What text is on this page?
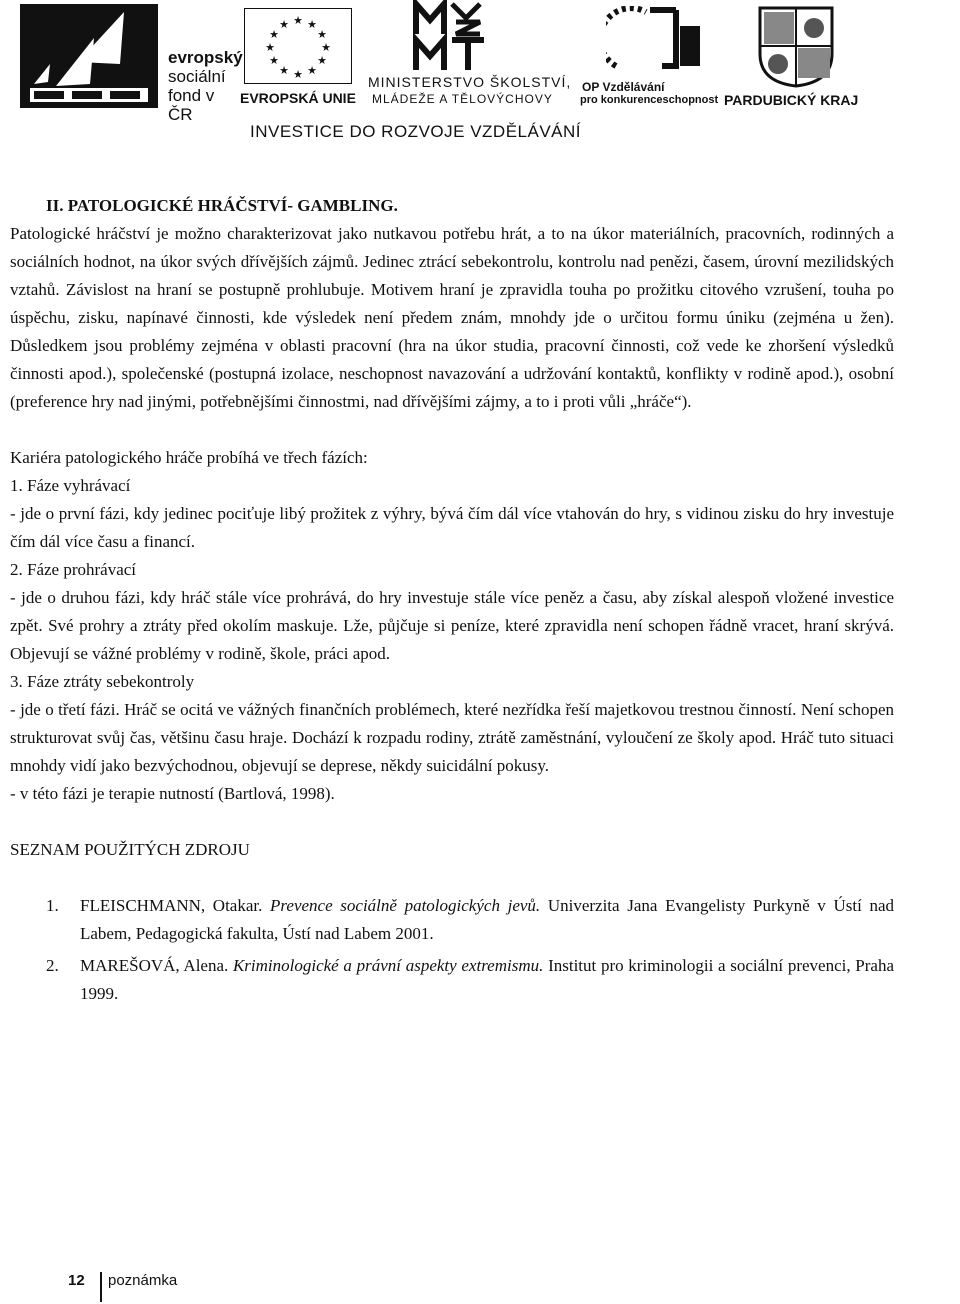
evropský
sociální
fond v ČR
★ ★
★
★
★
★
★
★
★
★
★
★
EVROPSKÁ UNIE
MINISTERSTVO ŠKOLSTVÍ,
MLÁDEŽE A TĚLOVÝCHOVY
OP Vzdělávání
pro konkurenceschopnost PARDUBICKÝ KRAJ
INVESTICE DO ROZVOJE VZDĚLÁVÁNÍ

II. PATOLOGICKÉ HRÁČSTVÍ- GAMBLING.

Patologické hráčství je možno charakterizovat jako nutkavou potřebu hrát, a to na úkor materiálních, pracovních, rodinných a sociálních hodnot, na úkor svých dřívějších zájmů. Jedinec ztrácí sebekontrolu, kontrolu nad penězi, časem, úrovní mezilidských vztahů. Závislost na hraní se postupně prohlubuje. Motivem hraní je zpravidla touha po prožitku citového vzrušení, touha po úspěchu, zisku, napínavé činnosti, kde výsledek není předem znám, mnohdy jde o určitou formu úniku (zejména u žen). Důsledkem jsou problémy zejména v oblasti pracovní (hra na úkor studia, pracovní činnosti, což vede ke zhoršení výsledků činnosti apod.), společenské (postupná izolace, neschopnost navazování a udržování kontaktů, konflikty v rodině apod.), osobní (preference hry nad jinými, potřebnějšími činnostmi, nad dřívějšími zájmy, a to i proti vůli „hráče“).

Kariéra patologického hráče probíhá ve třech fázích:

1. Fáze vyhrávací

- jde o první fázi, kdy jedinec pociťuje libý prožitek z výhry, bývá čím dál více vtahován do hry, s vidinou zisku do hry investuje čím dál více času a financí.

2. Fáze prohrávací

- jde o druhou fázi, kdy hráč stále více prohrává, do hry investuje stále více peněz a času, aby získal alespoň vložené investice zpět. Své prohry a ztráty před okolím maskuje. Lže, půjčuje si peníze, které zpravidla není schopen řádně vracet, hraní skrývá. Objevují se vážné problémy v rodině, škole, práci apod.

3. Fáze ztráty sebekontroly

- jde o třetí fázi. Hráč se ocitá ve vážných finančních problémech, které nezřídka řeší majetkovou trestnou činností. Není schopen strukturovat svůj čas, většinu času hraje. Dochází k rozpadu rodiny, ztrátě zaměstnání, vyloučení ze školy apod. Hráč tuto situaci mnohdy vidí jako bezvýchodnou, objevují se deprese, někdy suicidální pokusy.

- v této fázi je terapie nutností (Bartlová, 1998).

SEZNAM POUŽITÝCH ZDROJU

1. FLEISCHMANN, Otakar. Prevence sociálně patologických jevů. Univerzita Jana Evangelisty Purkyně v Ústí nad Labem, Pedagogická fakulta, Ústí nad Labem 2001.
2. MAREŠOVÁ, Alena. Kriminologické a právní aspekty extremismu. Institut pro kriminologii a sociální prevenci, Praha 1999.
12 poznámka
